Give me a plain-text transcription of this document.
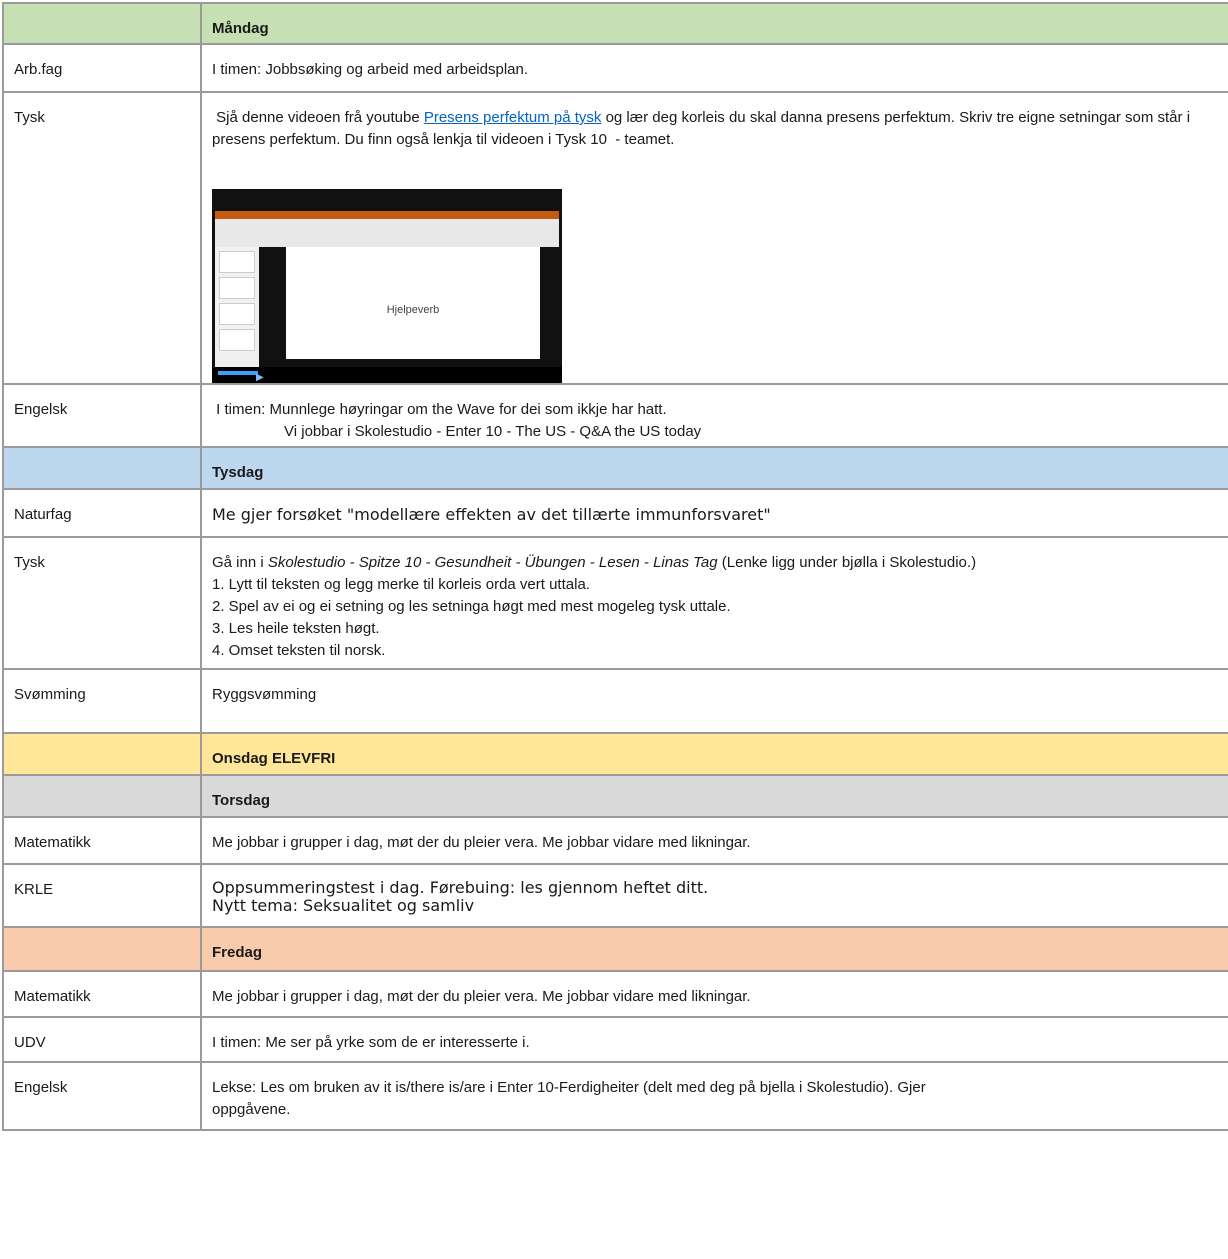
	Måndag

Arb.fag	I timen: Jobbsøking og arbeid med arbeidsplan.

Tysk	Sjå denne videoen frå youtube Presens perfektum på tysk og lær deg korleis du skal danna presens perfektum. Skriv tre eigne setningar som står i presens perfektum. Du finn også lenkja til videoen i Tysk 10  - teamet.

Hjelpeverb

▶

Engelsk	I timen: Munnlege høyringar om the Wave for dei som ikkje har hatt.
Vi jobbar i Skolestudio - Enter 10 - The US - Q&A the US today

	Tysdag

Naturfag	Me gjer forsøket "modellære effekten av det tillærte immunforsvaret"

Tysk	Gå inn i Skolestudio - Spitze 10 - Gesundheit - Übungen - Lesen - Linas Tag (Lenke ligg under bjølla i Skolestudio.)
1. Lytt til teksten og legg merke til korleis orda vert uttala.
2. Spel av ei og ei setning og les setninga høgt med mest mogeleg tysk uttale.
3. Les heile teksten høgt.
4. Omset teksten til norsk.

Svømming	Ryggsvømming

	Onsdag ELEVFRI

	Torsdag

Matematikk	Me jobbar i grupper i dag, møt der du pleier vera. Me jobbar vidare med likningar.

KRLE	Oppsummeringstest i dag. Førebuing: les gjennom heftet ditt.
Nytt tema: Seksualitet og samliv

	Fredag

Matematikk	Me jobbar i grupper i dag, møt der du pleier vera. Me jobbar vidare med likningar.

UDV	I timen: Me ser på yrke som de er interesserte i.

Engelsk	Lekse: Les om bruken av it is/there is/are i Enter 10-Ferdigheiter (delt med deg på bjella i Skolestudio). Gjer oppgåvene.
